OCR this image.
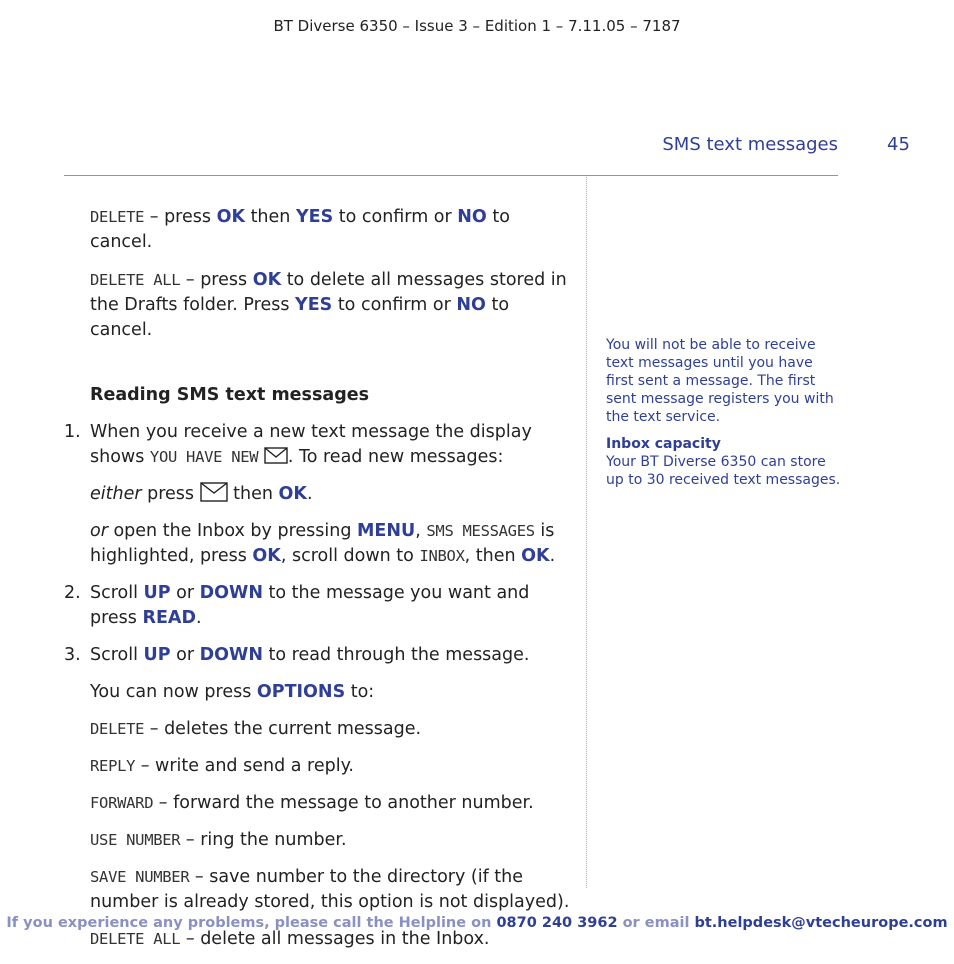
BT Diverse 6350 – Issue 3 – Edition 1 – 7.11.05 – 7187
SMS text messages	45

DELETE – press OK then YES to confirm or NO to cancel.

DELETE ALL – press OK to delete all messages stored in the Drafts folder. Press YES to confirm or NO to cancel.

Reading SMS text messages
1. When you receive a new text message the display shows YOU HAVE NEW . To read new messages:

either press  then OK.

or open the Inbox by pressing MENU, SMS MESSAGES is highlighted, press OK, scroll down to INBOX, then OK.

2. Scroll UP or DOWN to the message you want and press READ.
3. Scroll UP or DOWN to read through the message.

You can now press OPTIONS to:

DELETE – deletes the current message.

REPLY – write and send a reply.

FORWARD – forward the message to another number.

USE NUMBER – ring the number.

SAVE NUMBER – save number to the directory (if the number is already stored, this option is not displayed).

DELETE ALL – delete all messages in the Inbox.

You will not be able to receive text messages until you have first sent a message. The first sent message registers you with the text service.

Inbox capacity

Your BT Diverse 6350 can store up to 30 received text messages.

If you experience any problems, please call the Helpline on 0870 240 3962 or email bt.helpdesk@vtecheurope.com
